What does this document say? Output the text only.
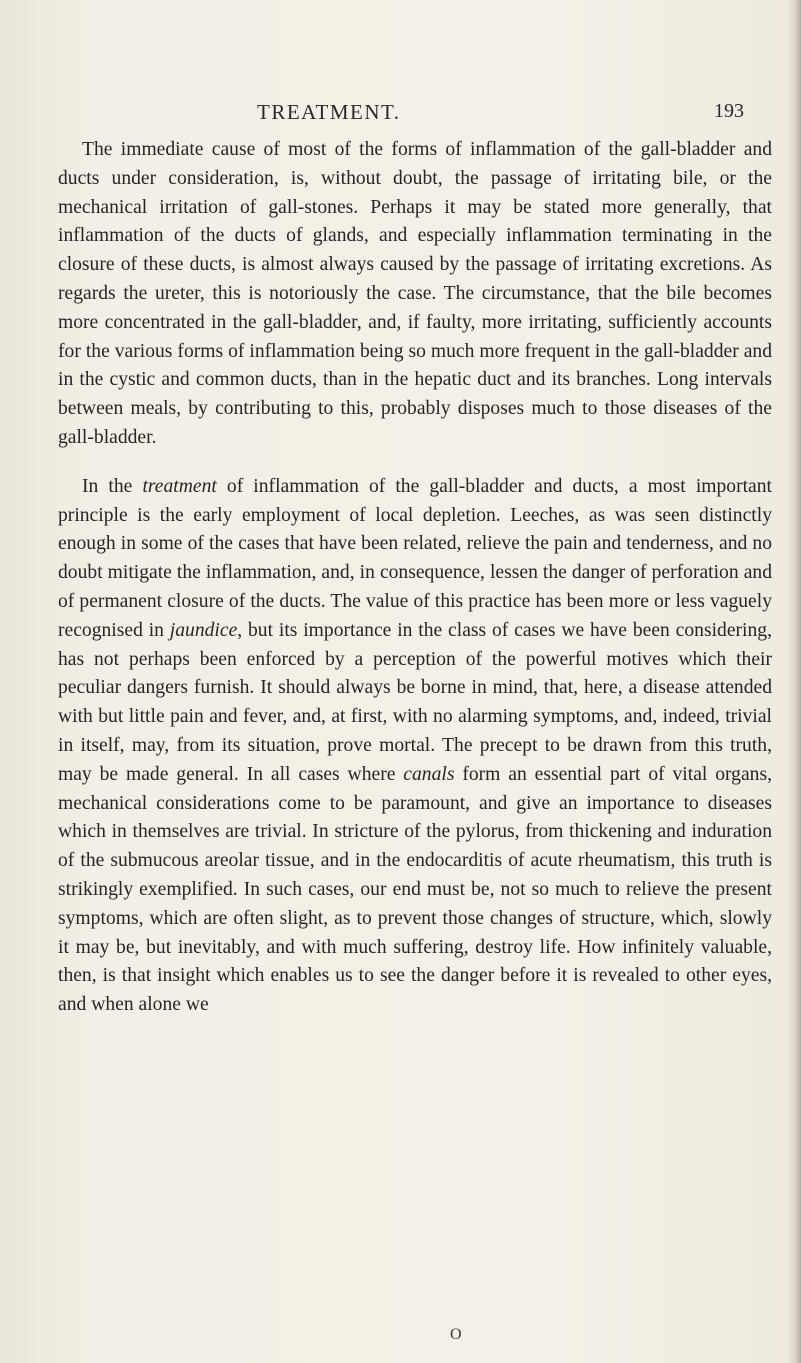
TREATMENT.	193

The immediate cause of most of the forms of inflammation of the gall-bladder and ducts under consideration, is, without doubt, the passage of irritating bile, or the mechanical irritation of gall-stones. Perhaps it may be stated more generally, that inflammation of the ducts of glands, and especially inflammation terminating in the closure of these ducts, is almost always caused by the passage of irritating excretions. As regards the ureter, this is notoriously the case. The circumstance, that the bile becomes more concentrated in the gall-bladder, and, if faulty, more irritating, sufficiently accounts for the various forms of inflammation being so much more frequent in the gall-bladder and in the cystic and common ducts, than in the hepatic duct and its branches. Long intervals between meals, by contributing to this, probably disposes much to those diseases of the gall-bladder.

In the treatment of inflammation of the gall-bladder and ducts, a most important principle is the early employment of local depletion. Leeches, as was seen distinctly enough in some of the cases that have been related, relieve the pain and tenderness, and no doubt mitigate the inflammation, and, in consequence, lessen the danger of perforation and of permanent closure of the ducts. The value of this practice has been more or less vaguely recognised in jaundice, but its importance in the class of cases we have been considering, has not perhaps been enforced by a perception of the powerful motives which their peculiar dangers furnish. It should always be borne in mind, that, here, a disease attended with but little pain and fever, and, at first, with no alarming symptoms, and, indeed, trivial in itself, may, from its situation, prove mortal. The precept to be drawn from this truth, may be made general. In all cases where canals form an essential part of vital organs, mechanical considerations come to be paramount, and give an importance to diseases which in themselves are trivial. In stricture of the pylorus, from thickening and induration of the submucous areolar tissue, and in the endocarditis of acute rheumatism, this truth is strikingly exemplified. In such cases, our end must be, not so much to relieve the present symptoms, which are often slight, as to prevent those changes of structure, which, slowly it may be, but inevitably, and with much suffering, destroy life. How infinitely valuable, then, is that insight which enables us to see the danger before it is revealed to other eyes, and when alone we

O
